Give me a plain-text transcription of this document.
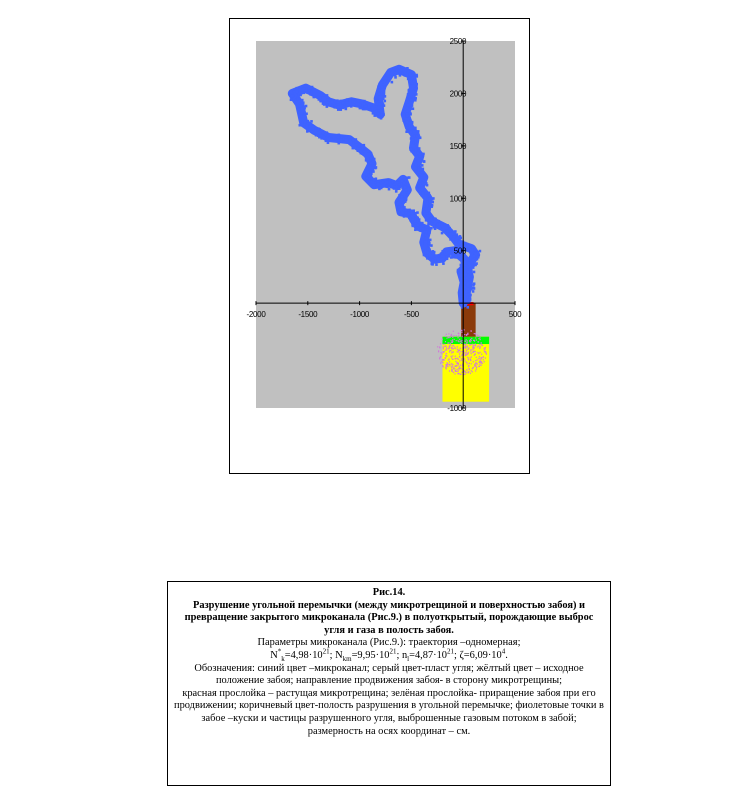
-2000	-1500	-1000	-500	500
-1000
500
1000
1500
2000
2500

Рис.14.

Разрушение угольной перемычки (между микротрещиной и поверхностью забоя) и превращение закрытого микроканала (Рис.9.) в полуоткрытый, порождающие выброс угля и газа в полость забоя.

Параметры микроканала (Рис.9.): траектория –одномерная;

$N^*_k=4,98\cdot 10^{21}$; $N_{km}=9,95\cdot 10^{21}$; $n_l=4,87\cdot 10^{21}$; $\zeta=6,09\cdot 10^4$.

Обозначения: синий цвет –микроканал; серый цвет-пласт угля; жёлтый цвет – исходное положение забоя; направление продвижения забоя- в сторону микротрещины;

красная прослойка – растущая микротрещина; зелёная прослойка- приращение забоя при его продвижении; коричневый цвет-полость разрушения в угольной перемычке; фиолетовые точки в забое –куски и частицы разрушенного угля, выброшенные газовым потоком в забой; размерность на осях координат – см.
